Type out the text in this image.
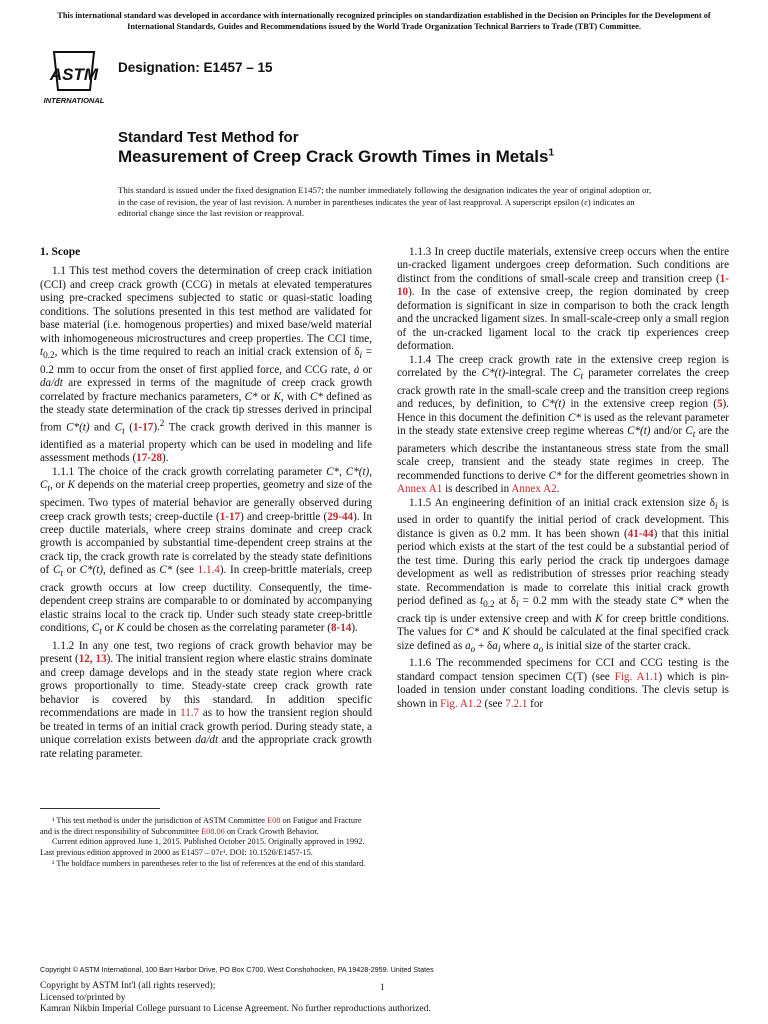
This international standard was developed in accordance with internationally recognized principles on standardization established in the Decision on Principles for the Development of International Standards, Guides and Recommendations issued by the World Trade Organization Technical Barriers to Trade (TBT) Committee.
ASTM
INTERNATIONAL
Designation: E1457 – 15
Standard Test Method for
Measurement of Creep Crack Growth Times in Metals$^1$
This standard is issued under the fixed designation E1457; the number immediately following the designation indicates the year of original adoption or, in the case of revision, the year of last revision. A number in parentheses indicates the year of last reapproval. A superscript epsilon (ε) indicates an editorial change since the last revision or reapproval.
1. Scope

1.1 This test method covers the determination of creep crack initiation (CCI) and creep crack growth (CCG) in metals at elevated temperatures using pre-cracked specimens subjected to static or quasi-static loading conditions. The solutions presented in this test method are validated for base material (i.e. homogenous properties) and mixed base/weld material with inhomogeneous microstructures and creep properties. The CCI time, $t_{0.2}$, which is the time required to reach an initial crack extension of $\delta_i = 0.2$ mm to occur from the onset of first applied force, and CCG rate, ȧ or da/dt are expressed in terms of the magnitude of creep crack growth correlated by fracture mechanics parameters, C* or K, with C* defined as the steady state determination of the crack tip stresses derived in principal from C*(t) and $C_t$ (1-17).$^2$ The crack growth derived in this manner is identified as a material property which can be used in modeling and life assessment methods (17-28).

1.1.1 The choice of the crack growth correlating parameter C*, C*(t), $C_t$, or K depends on the material creep properties, geometry and size of the specimen. Two types of material behavior are generally observed during creep crack growth tests; creep-ductile (1-17) and creep-brittle (29-44). In creep ductile materials, where creep strains dominate and creep crack growth is accompanied by substantial time-dependent creep strains at the crack tip, the crack growth rate is correlated by the steady state definitions of $C_t$ or C*(t), defined as C* (see 1.1.4). In creep-brittle materials, creep crack growth occurs at low creep ductility. Consequently, the time-dependent creep strains are comparable to or dominated by accompanying elastic strains local to the crack tip. Under such steady state creep-brittle conditions, $C_t$ or K could be chosen as the correlating parameter (8-14).

1.1.2 In any one test, two regions of crack growth behavior may be present (12, 13). The initial transient region where elastic strains dominate and creep damage develops and in the steady state region where crack grows proportionally to time. Steady-state creep crack growth rate behavior is covered by this standard. In addition specific recommendations are made in 11.7 as to how the transient region should be treated in terms of an initial crack growth period. During steady state, a unique correlation exists between da/dt and the appropriate crack growth rate relating parameter.

¹ This test method is under the jurisdiction of ASTM Committee E08 on Fatigue and Fracture and is the direct responsibility of Subcommittee E08.06 on Crack Growth Behavior.

Current edition approved June 1, 2015. Published October 2015. Originally approved in 1992. Last previous edition approved in 2000 as E1457 – 07ε¹. DOI: 10.1520/E1457-15.

² The boldface numbers in parentheses refer to the list of references at the end of this standard.

1.1.3 In creep ductile materials, extensive creep occurs when the entire un-cracked ligament undergoes creep deformation. Such conditions are distinct from the conditions of small-scale creep and transition creep (1-10). In the case of extensive creep, the region dominated by creep deformation is significant in size in comparison to both the crack length and the uncracked ligament sizes. In small-scale-creep only a small region of the un-cracked ligament local to the crack tip experiences creep deformation.

1.1.4 The creep crack growth rate in the extensive creep region is correlated by the C*(t)-integral. The $C_t$ parameter correlates the creep crack growth rate in the small-scale creep and the transition creep regions and reduces, by definition, to C*(t) in the extensive creep region (5). Hence in this document the definition C* is used as the relevant parameter in the steady state extensive creep regime whereas C*(t) and/or $C_t$ are the parameters which describe the instantaneous stress state from the small scale creep, transient and the steady state regimes in creep. The recommended functions to derive C* for the different geometries shown in Annex A1 is described in Annex A2.

1.1.5 An engineering definition of an initial crack extension size $\delta_i$ is used in order to quantify the initial period of crack development. This distance is given as 0.2 mm. It has been shown (41-44) that this initial period which exists at the start of the test could be a substantial period of the test time. During this early period the crack tip undergoes damage development as well as redistribution of stresses prior reaching steady state. Recommendation is made to correlate this initial crack growth period defined as $t_{0.2}$ at $\delta_i = 0.2$ mm with the steady state C* when the crack tip is under extensive creep and with K for creep brittle conditions. The values for C* and K should be calculated at the final specified crack size defined as $a_o + \delta a_i$ where $a_o$ is initial size of the starter crack.

1.1.6 The recommended specimens for CCI and CCG testing is the standard compact tension specimen C(T) (see Fig. A1.1) which is pin-loaded in tension under constant loading conditions. The clevis setup is shown in Fig. A1.2 (see 7.2.1 for

Copyright © ASTM International, 100 Barr Harbor Drive, PO Box C700, West Conshohocken, PA 19428-2959. United States
Copyright by ASTM Int'l (all rights reserved);
Licensed to/printed by
Kamran Nikbin Imperial College pursuant to License Agreement. No further reproductions authorized.
1
